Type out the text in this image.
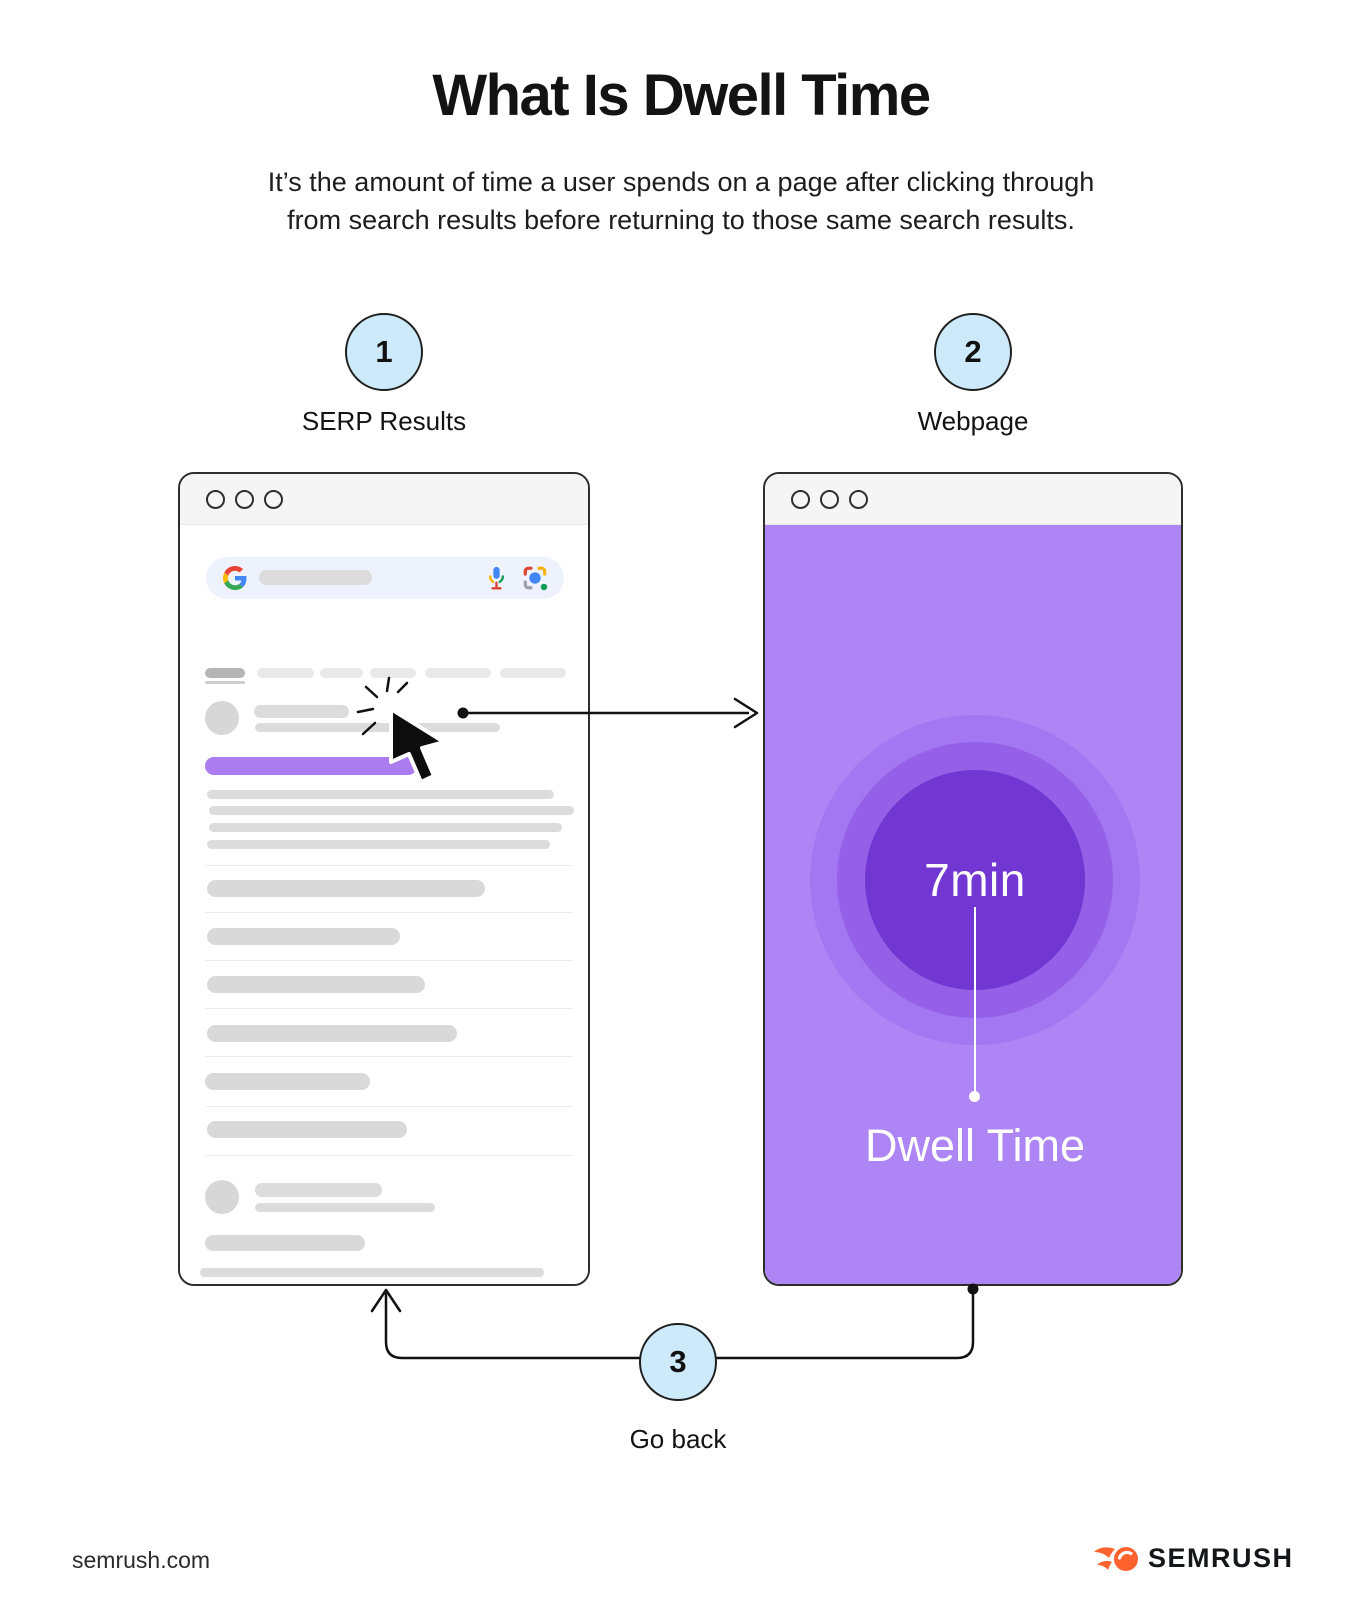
What Is Dwell Time
It’s the amount of time a user spends on a page after clicking through
from search results before returning to those same search results.
1
SERP Results
2
Webpage
7min
Dwell Time
3
Go back
semrush.com	SEMRUSH
